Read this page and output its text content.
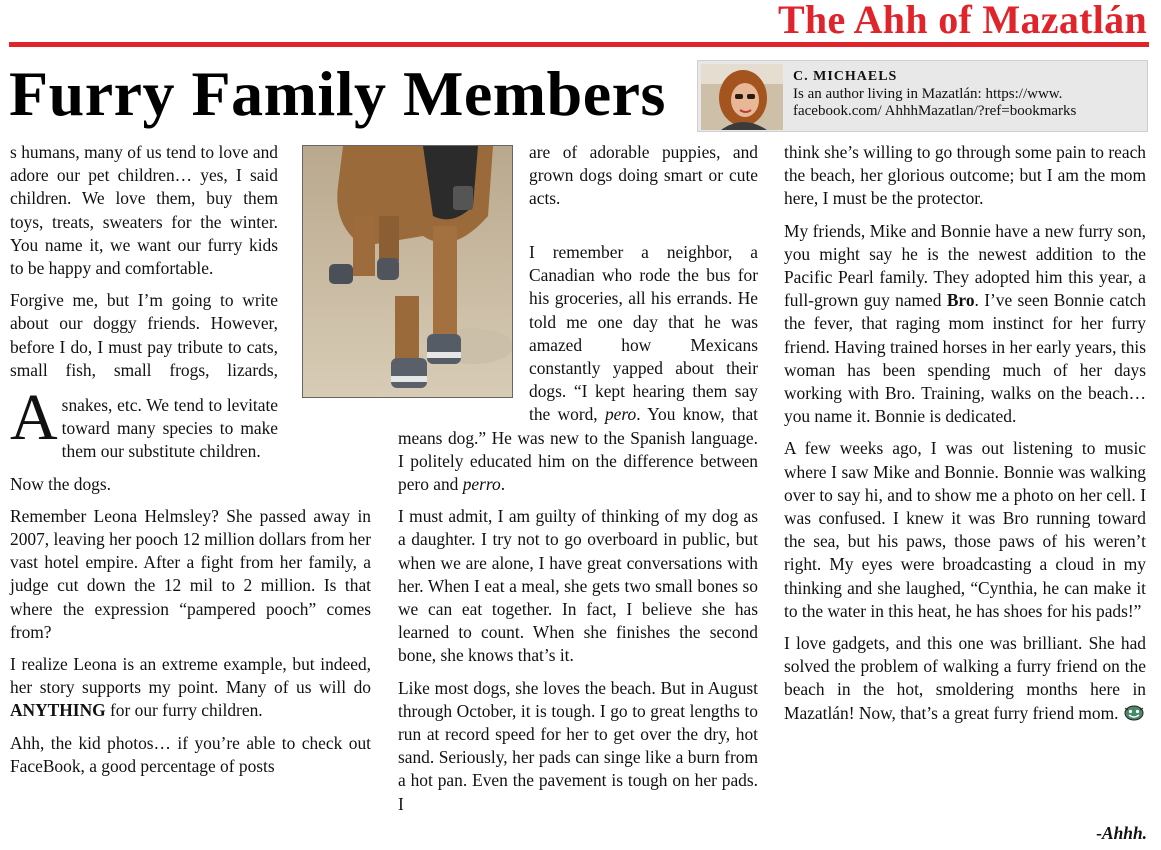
The Ahh of Mazatlán
Furry Family Members	C. MICHAELS
Is an author living in Mazatlán: https://www. facebook.com/ AhhhMazatlan/?ref=bookmarks

A
s humans, many of us tend to love and adore our pet children… yes, I said children. We love them, buy them toys, treats, sweaters for the winter. You name it, we want our furry kids to be happy and comfortable.

Forgive me, but I’m going to write about our doggy friends. However, before I do, I must pay tribute to cats, small fish, small frogs, lizards, snakes, etc. We tend to levitate toward many species to make them our substitute children.

Now the dogs.

Remember Leona Helmsley? She passed away in 2007, leaving her pooch 12 million dollars from her vast hotel empire. After a fight from her family, a judge cut down the 12 mil to 2 million. Is that where the expression “pampered pooch” comes from?

I realize Leona is an extreme example, but indeed, her story supports my point. Many of us will do ANYTHING for our furry children.

Ahh, the kid photos… if you’re able to check out FaceBook, a good percentage of posts

are of adorable puppies, and grown dogs doing smart or cute acts.

I remember a neighbor, a Canadian who rode the bus for his groceries, all his errands. He told me one day that he was amazed how Mexicans constantly yapped about their dogs. “I kept hearing them say the word, pero. You know, that means dog.” He was new to the Spanish language. I politely educated him on the difference between pero and perro.

I must admit, I am guilty of thinking of my dog as a daughter. I try not to go overboard in public, but when we are alone, I have great conversations with her. When I eat a meal, she gets two small bones so we can eat together. In fact, I believe she has learned to count. When she finishes the second bone, she knows that’s it.

Like most dogs, she loves the beach. But in August through October, it is tough. I go to great lengths to run at record speed for her to get over the dry, hot sand. Seriously, her pads can singe like a burn from a hot pan. Even the pavement is tough on her pads. I

think she’s willing to go through some pain to reach the beach, her glorious outcome; but I am the mom here, I must be the protector.

My friends, Mike and Bonnie have a new furry son, you might say he is the newest addition to the Pacific Pearl family. They adopted him this year, a full-grown guy named Bro. I’ve seen Bonnie catch the fever, that raging mom instinct for her furry friend. Having trained horses in her early years, this woman has been spending much of her days working with Bro. Training, walks on the beach… you name it. Bonnie is dedicated.

A few weeks ago, I was out listening to music where I saw Mike and Bonnie. Bonnie was walking over to say hi, and to show me a photo on her cell. I was confused. I knew it was Bro running toward the sea, but his paws, those paws of his weren’t right. My eyes were broadcasting a cloud in my thinking and she laughed, “Cynthia, he can make it to the water in this heat, he has shoes for his pads!”

I love gadgets, and this one was brilliant. She had solved the problem of walking a furry friend on the beach in the hot, smoldering months here in Mazatlán! Now, that’s a great furry friend mom.

-Ahhh.
